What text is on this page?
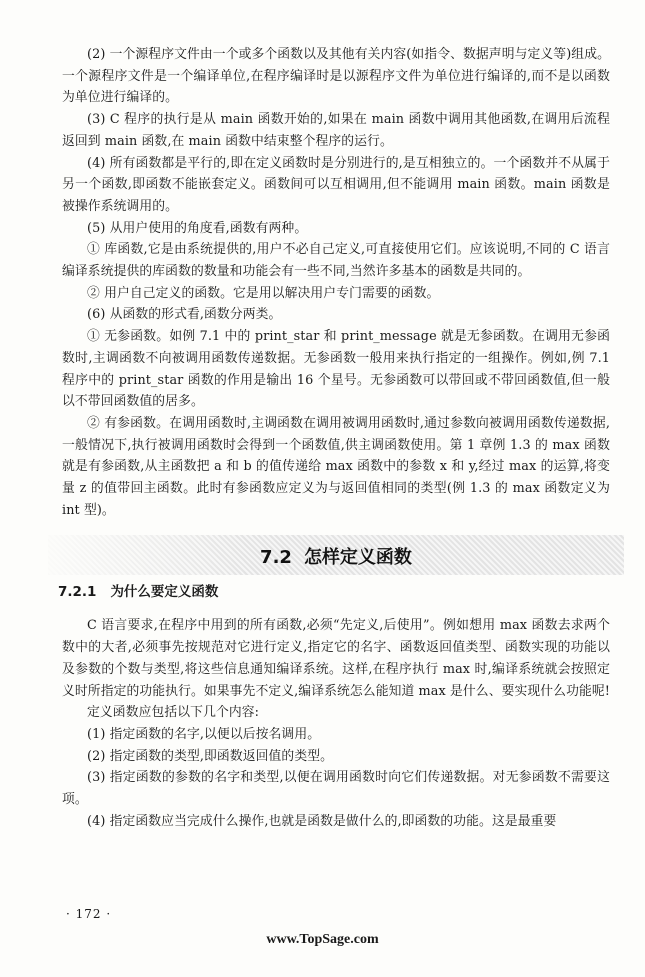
(2) 一个源程序文件由一个或多个函数以及其他有关内容(如指令、数据声明与定义等)组成。一个源程序文件是一个编译单位,在程序编译时是以源程序文件为单位进行编译的,而不是以函数为单位进行编译的。

(3) C 程序的执行是从 main 函数开始的,如果在 main 函数中调用其他函数,在调用后流程返回到 main 函数,在 main 函数中结束整个程序的运行。

(4) 所有函数都是平行的,即在定义函数时是分别进行的,是互相独立的。一个函数并不从属于另一个函数,即函数不能嵌套定义。函数间可以互相调用,但不能调用 main 函数。main 函数是被操作系统调用的。

(5) 从用户使用的角度看,函数有两种。

① 库函数,它是由系统提供的,用户不必自己定义,可直接使用它们。应该说明,不同的 C 语言编译系统提供的库函数的数量和功能会有一些不同,当然许多基本的函数是共同的。

② 用户自己定义的函数。它是用以解决用户专门需要的函数。

(6) 从函数的形式看,函数分两类。

① 无参函数。如例 7.1 中的 print_star 和 print_message 就是无参函数。在调用无参函数时,主调函数不向被调用函数传递数据。无参函数一般用来执行指定的一组操作。例如,例 7.1 程序中的 print_star 函数的作用是输出 16 个星号。无参函数可以带回或不带回函数值,但一般以不带回函数值的居多。

② 有参函数。在调用函数时,主调函数在调用被调用函数时,通过参数向被调用函数传递数据,一般情况下,执行被调用函数时会得到一个函数值,供主调函数使用。第 1 章例 1.3 的 max 函数就是有参函数,从主函数把 a 和 b 的值传递给 max 函数中的参数 x 和 y,经过 max 的运算,将变量 z 的值带回主函数。此时有参函数应定义为与返回值相同的类型(例 1.3 的 max 函数定义为 int 型)。

7.2 怎样定义函数
7.2.1 为什么要定义函数

C 语言要求,在程序中用到的所有函数,必须“先定义,后使用”。例如想用 max 函数去求两个数中的大者,必须事先按规范对它进行定义,指定它的名字、函数返回值类型、函数实现的功能以及参数的个数与类型,将这些信息通知编译系统。这样,在程序执行 max 时,编译系统就会按照定义时所指定的功能执行。如果事先不定义,编译系统怎么能知道 max 是什么、要实现什么功能呢!

定义函数应包括以下几个内容:

(1) 指定函数的名字,以便以后按名调用。

(2) 指定函数的类型,即函数返回值的类型。

(3) 指定函数的参数的名字和类型,以便在调用函数时向它们传递数据。对无参函数不需要这项。

(4) 指定函数应当完成什么操作,也就是函数是做什么的,即函数的功能。这是最重要

· 172 ·
www.TopSage.com
